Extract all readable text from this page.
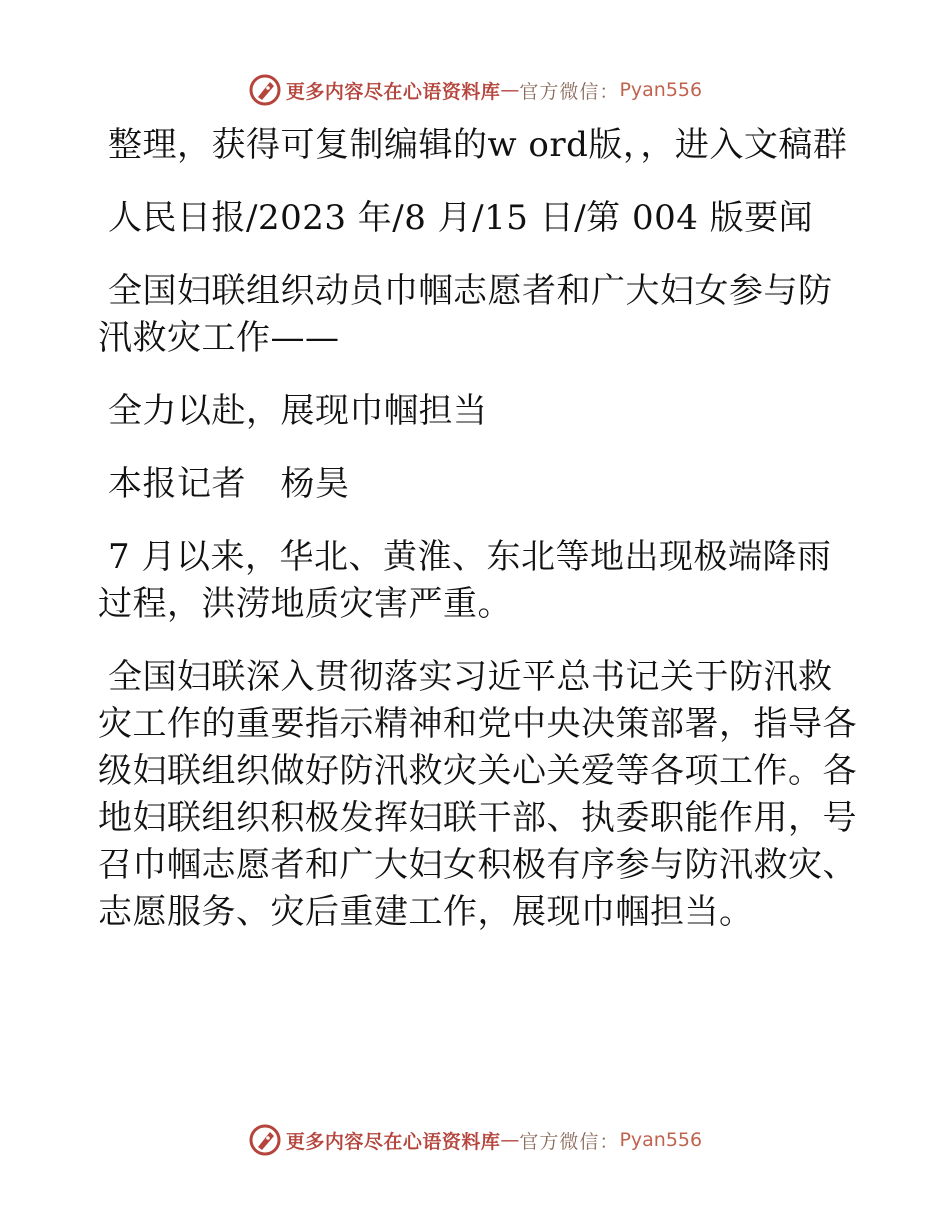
更多内容尽在心语资料库 — 官方微信： Pyan556

整理，获得可复制编辑的w ord版，，进入文稿群

人民日报/2023 年/8 月/15 日/第 004 版要闻

全国妇联组织动员巾帼志愿者和广大妇女参与防汛救灾工作——

全力以赴，展现巾帼担当

本报记者　杨昊

7 月以来，华北、黄淮、东北等地出现极端降雨过程，洪涝地质灾害严重。

全国妇联深入贯彻落实习近平总书记关于防汛救灾工作的重要指示精神和党中央决策部署，指导各级妇联组织做好防汛救灾关心关爱等各项工作。各地妇联组织积极发挥妇联干部、执委职能作用，号召巾帼志愿者和广大妇女积极有序参与防汛救灾、志愿服务、灾后重建工作，展现巾帼担当。

更多内容尽在心语资料库 — 官方微信： Pyan556
